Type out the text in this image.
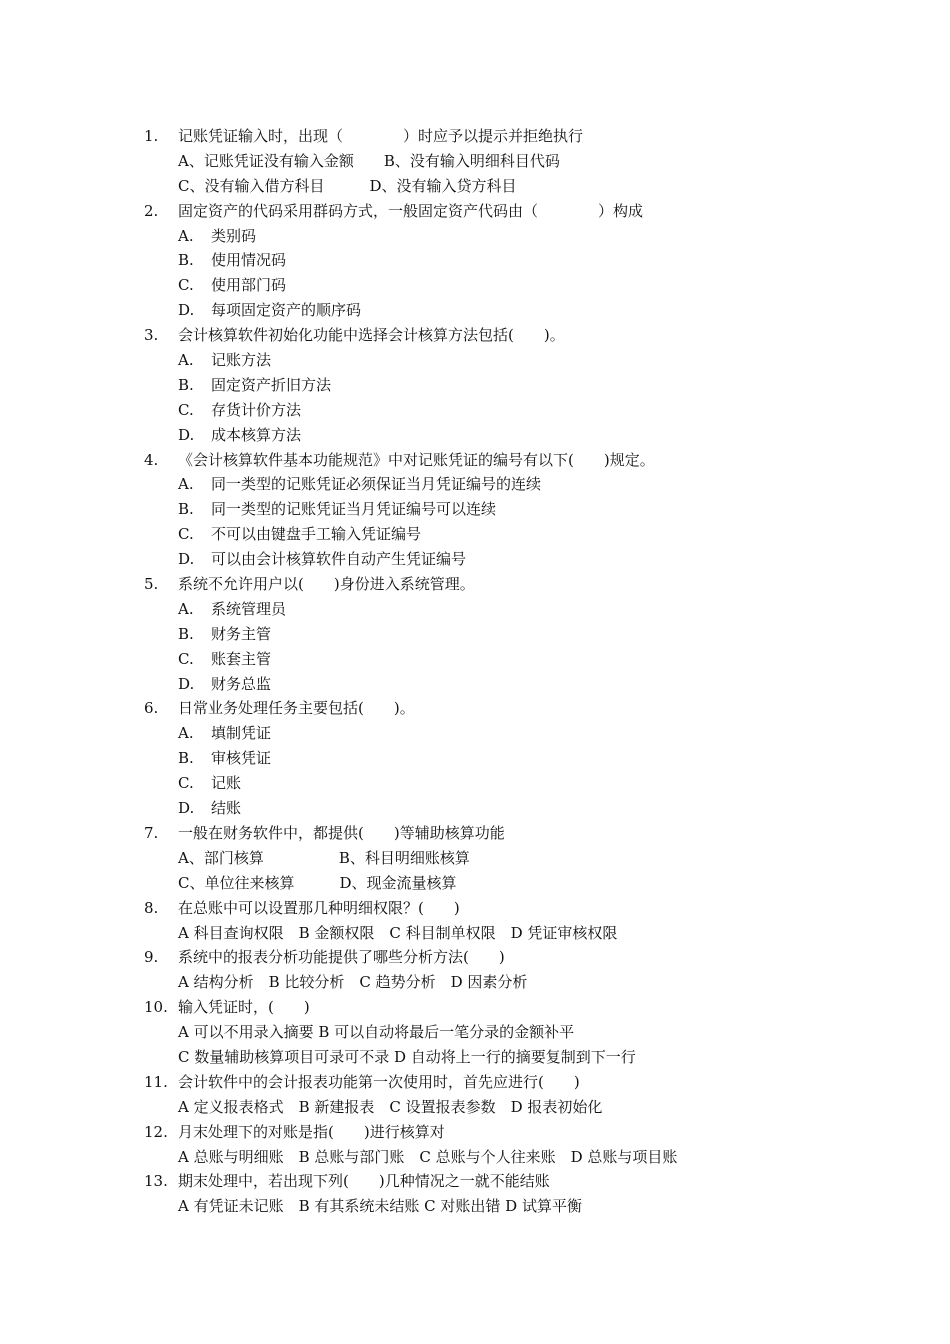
1. 记账凭证输入时，出现（　　　　）时应予以提示并拒绝执行
A、记账凭证没有输入金额　　B、没有输入明细科目代码
C、没有输入借方科目　　　D、没有输入贷方科目
2. 固定资产的代码采用群码方式，一般固定资产代码由（　　　　）构成
A. 类别码
B. 使用情况码
C. 使用部门码
D. 每项固定资产的顺序码
3. 会计核算软件初始化功能中选择会计核算方法包括(　　)。
A. 记账方法
B. 固定资产折旧方法
C. 存货计价方法
D. 成本核算方法
4. 《会计核算软件基本功能规范》中对记账凭证的编号有以下(　　)规定。
A. 同一类型的记账凭证必须保证当月凭证编号的连续
B. 同一类型的记账凭证当月凭证编号可以连续
C. 不可以由键盘手工输入凭证编号
D. 可以由会计核算软件自动产生凭证编号
5. 系统不允许用户以(　　)身份进入系统管理。
A. 系统管理员
B. 财务主管
C. 账套主管
D. 财务总监
6. 日常业务处理任务主要包括(　　)。
A. 填制凭证
B. 审核凭证
C. 记账
D. 结账
7. 一般在财务软件中，都提供(　　)等辅助核算功能
A、部门核算　　　　　B、科目明细账核算
C、单位往来核算　　　D、现金流量核算
8. 在总账中可以设置那几种明细权限？(　　)
A 科目查询权限　B 金额权限　C 科目制单权限　D 凭证审核权限
9. 系统中的报表分析功能提供了哪些分析方法(　　)
A 结构分析　B 比较分析　C 趋势分析　D 因素分析
10. 输入凭证时，(　　)
A 可以不用录入摘要 B 可以自动将最后一笔分录的金额补平
C 数量辅助核算项目可录可不录 D 自动将上一行的摘要复制到下一行
11. 会计软件中的会计报表功能第一次使用时，首先应进行(　　)
A 定义报表格式　B 新建报表　C 设置报表参数　D 报表初始化
12. 月末处理下的对账是指(　　)进行核算对
A 总账与明细账　B 总账与部门账　C 总账与个人往来账　D 总账与项目账
13. 期末处理中，若出现下列(　　)几种情况之一就不能结账
A 有凭证未记账　B 有其系统未结账 C 对账出错 D 试算平衡
